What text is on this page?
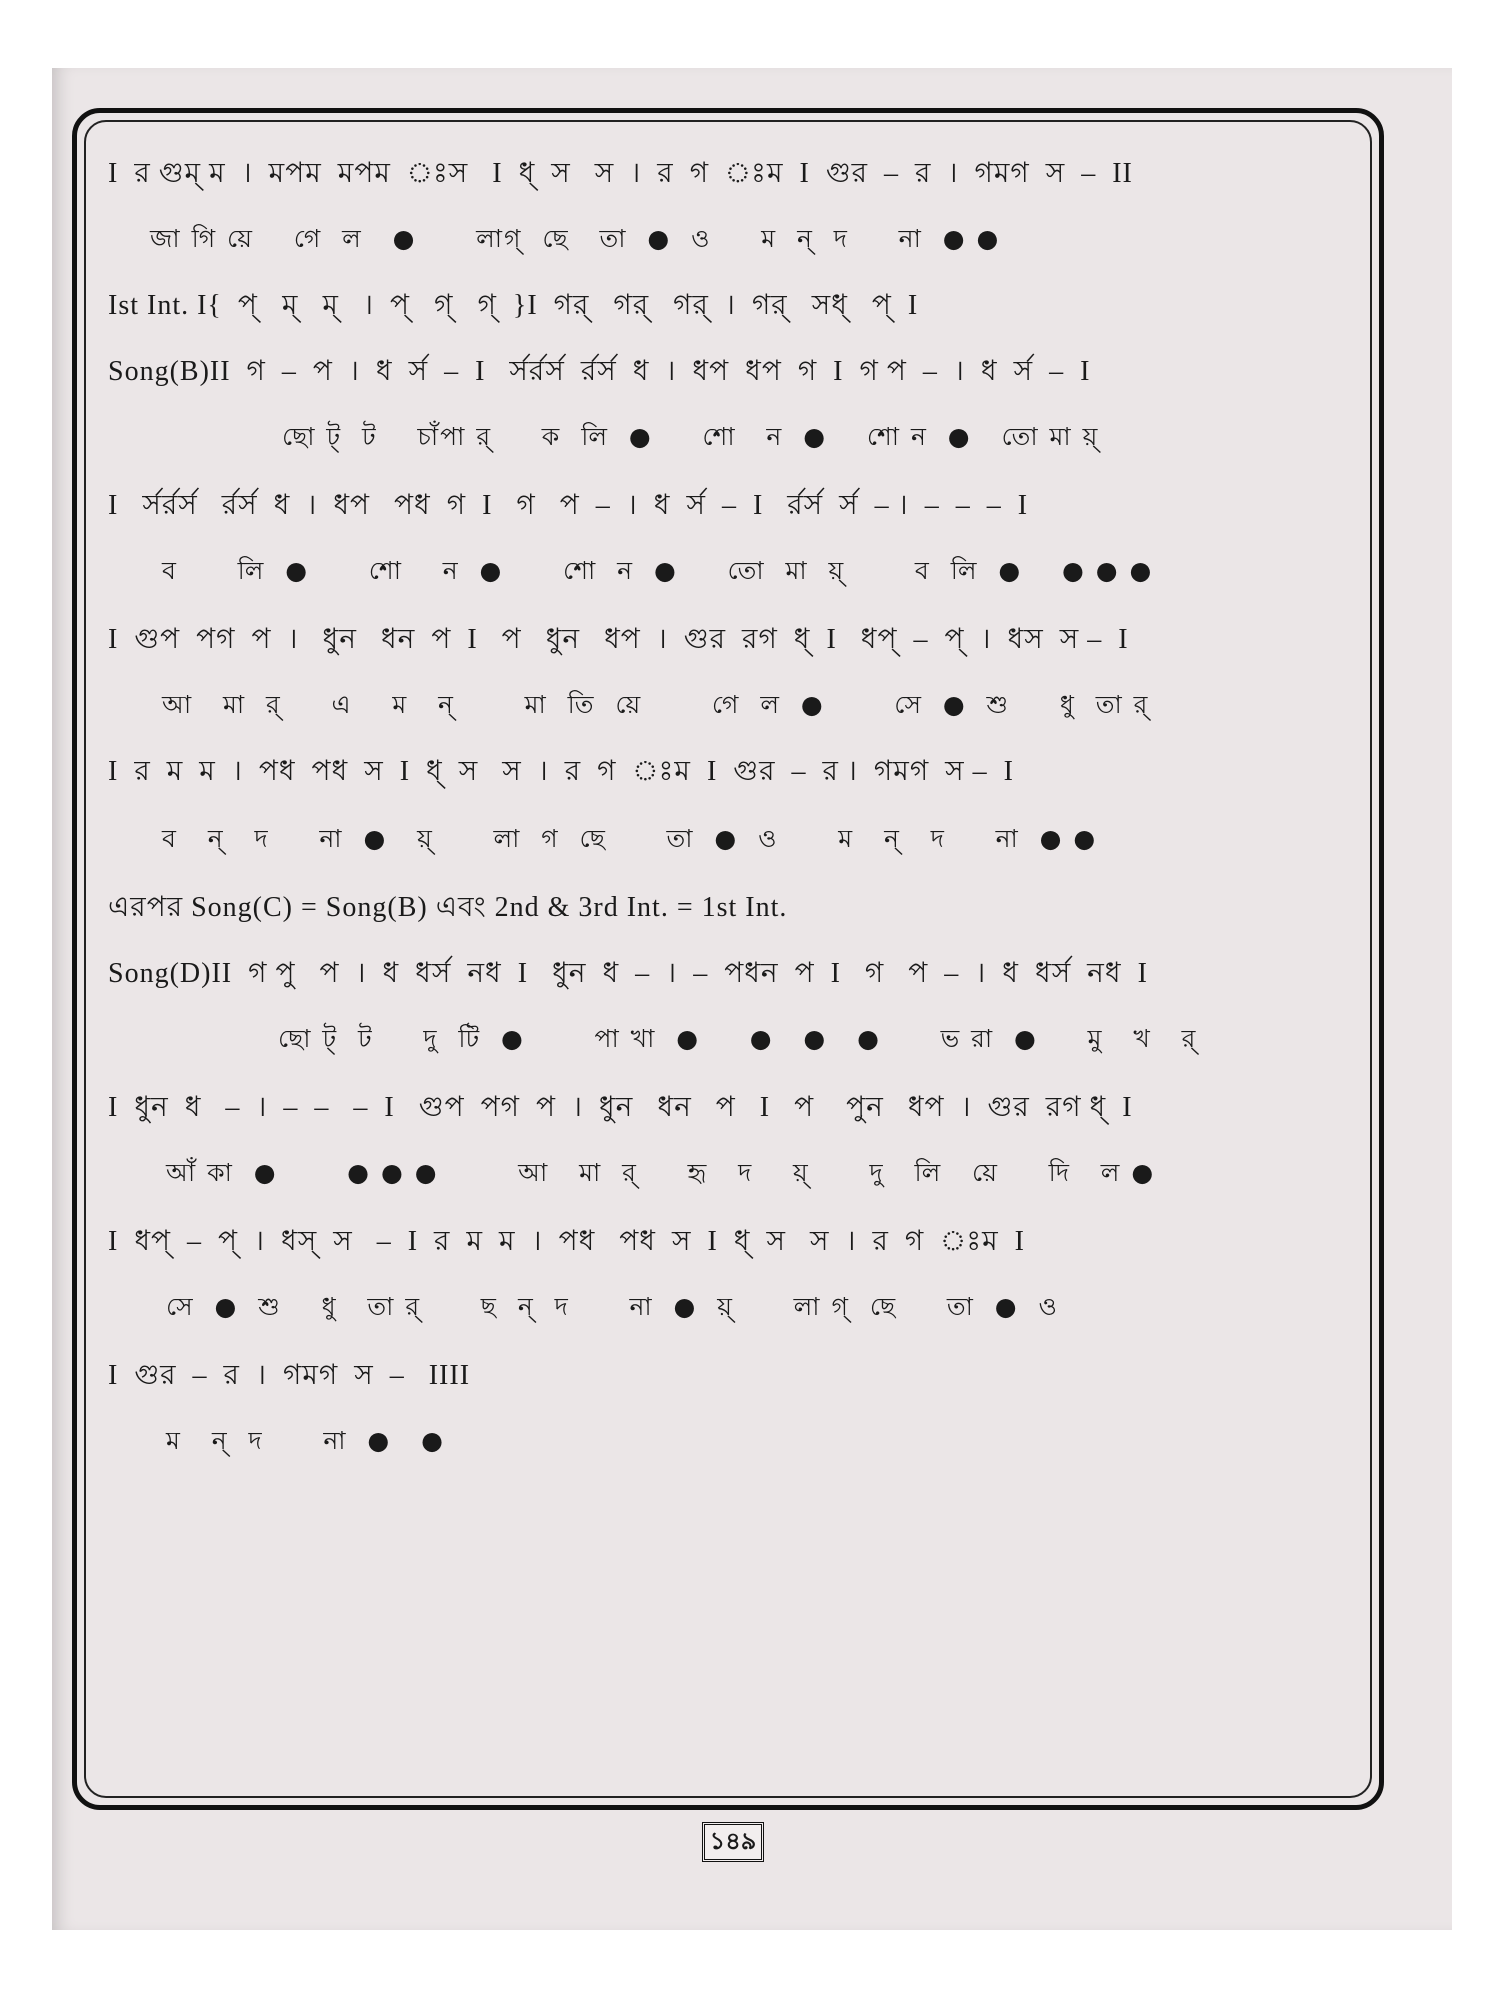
I  র গুম্ ম  ।  মপম  মপম  ঃস   I  ধ্  স   স  ।  র  গ  ঃম  I  গুর  –  র  ।  গমগ  স  –  II
জা গি য়ে    গে  ল   ●      লাগ্  ছে   তা  ●  ও     ম  ন্  দ     না  ● ●
Ist Int. I{  প্   ম্   ম্   ।  প্   গ্   গ্  }I  গর্   গর্   গর্  ।  গর্   সধ্   প্  I
Song(B)II  গ  –  প  ।  ধ  র্স  –  I   র্সর্রর্স  র্রর্স  ধ  ।  ধপ  ধপ  গ  I  গ প  –  ।  ধ  র্স  –  I
ছো ট্  ট    চাঁপা র্     ক  লি  ●     শো   ন  ●    শো ন  ●   তো মা য়্
I   র্সর্রর্স   র্রর্স  ধ  ।  ধপ   পধ  গ  I   গ   প  –  ।  ধ  র্স  –  I   র্রর্স  র্স  – ।  –  –  –  I
ব      লি  ●      শো    ন  ●      শো  ন  ●     তো  মা  য়্       ব  লি  ●    ● ● ●
I  গুপ  পগ  প  ।   ধুন   ধন  প  I   প   ধুন   ধপ  ।  গুর  রগ  ধ্  I   ধপ্  –  প্  ।  ধস  স –  I
আ   মা  র্     এ    ম   ন্       মা  তি  য়ে       গে  ল  ●       সে  ●  শু     ধু  তা র্
I  র  ম  ম  ।  পধ  পধ  স  I  ধ্  স   স  ।  র  গ  ঃম  I  গুর  –  র ।  গমগ  স –  I
ব   ন্   দ     না  ●   য়্      লা  গ  ছে      তা  ●  ও      ম   ন্   দ     না  ● ●
এরপর Song(C) = Song(B) এবং 2nd & 3rd Int. = 1st Int.
Song(D)II  গ পু   প  ।  ধ  ধর্স  নধ  I   ধুন  ধ  –  ।  –  পধন  প  I   গ   প  –  ।  ধ  ধর্স  নধ  I
ছো ট্  ট     দু  টি  ●       পা খা  ●     ●   ●   ●      ভ রা  ●     মু   খ   র্
I  ধুন  ধ   –  ।  –  –   –  I   গুপ  পগ  প  ।  ধুন   ধন   প   I   প    পুন   ধপ  ।  গুর  রগ ধ্  I
আঁ কা  ●       ● ● ●        আ   মা  র্     হৃ   দ    য়্      দু   লি   য়ে     দি   ল ●
I  ধপ্  –  প্  ।  ধস্  স   –  I  র  ম  ম  ।  পধ   পধ  স  I  ধ্  স   স  ।  র  গ  ঃম  I
সে  ●  শু    ধু   তা র্      ছ  ন্  দ      না  ●  য়্      লা গ্  ছে     তা  ●  ও
I  গুর  –  র  ।  গমগ  স  –   IIII
ম   ন্  দ      না  ●   ●
১৪৯
